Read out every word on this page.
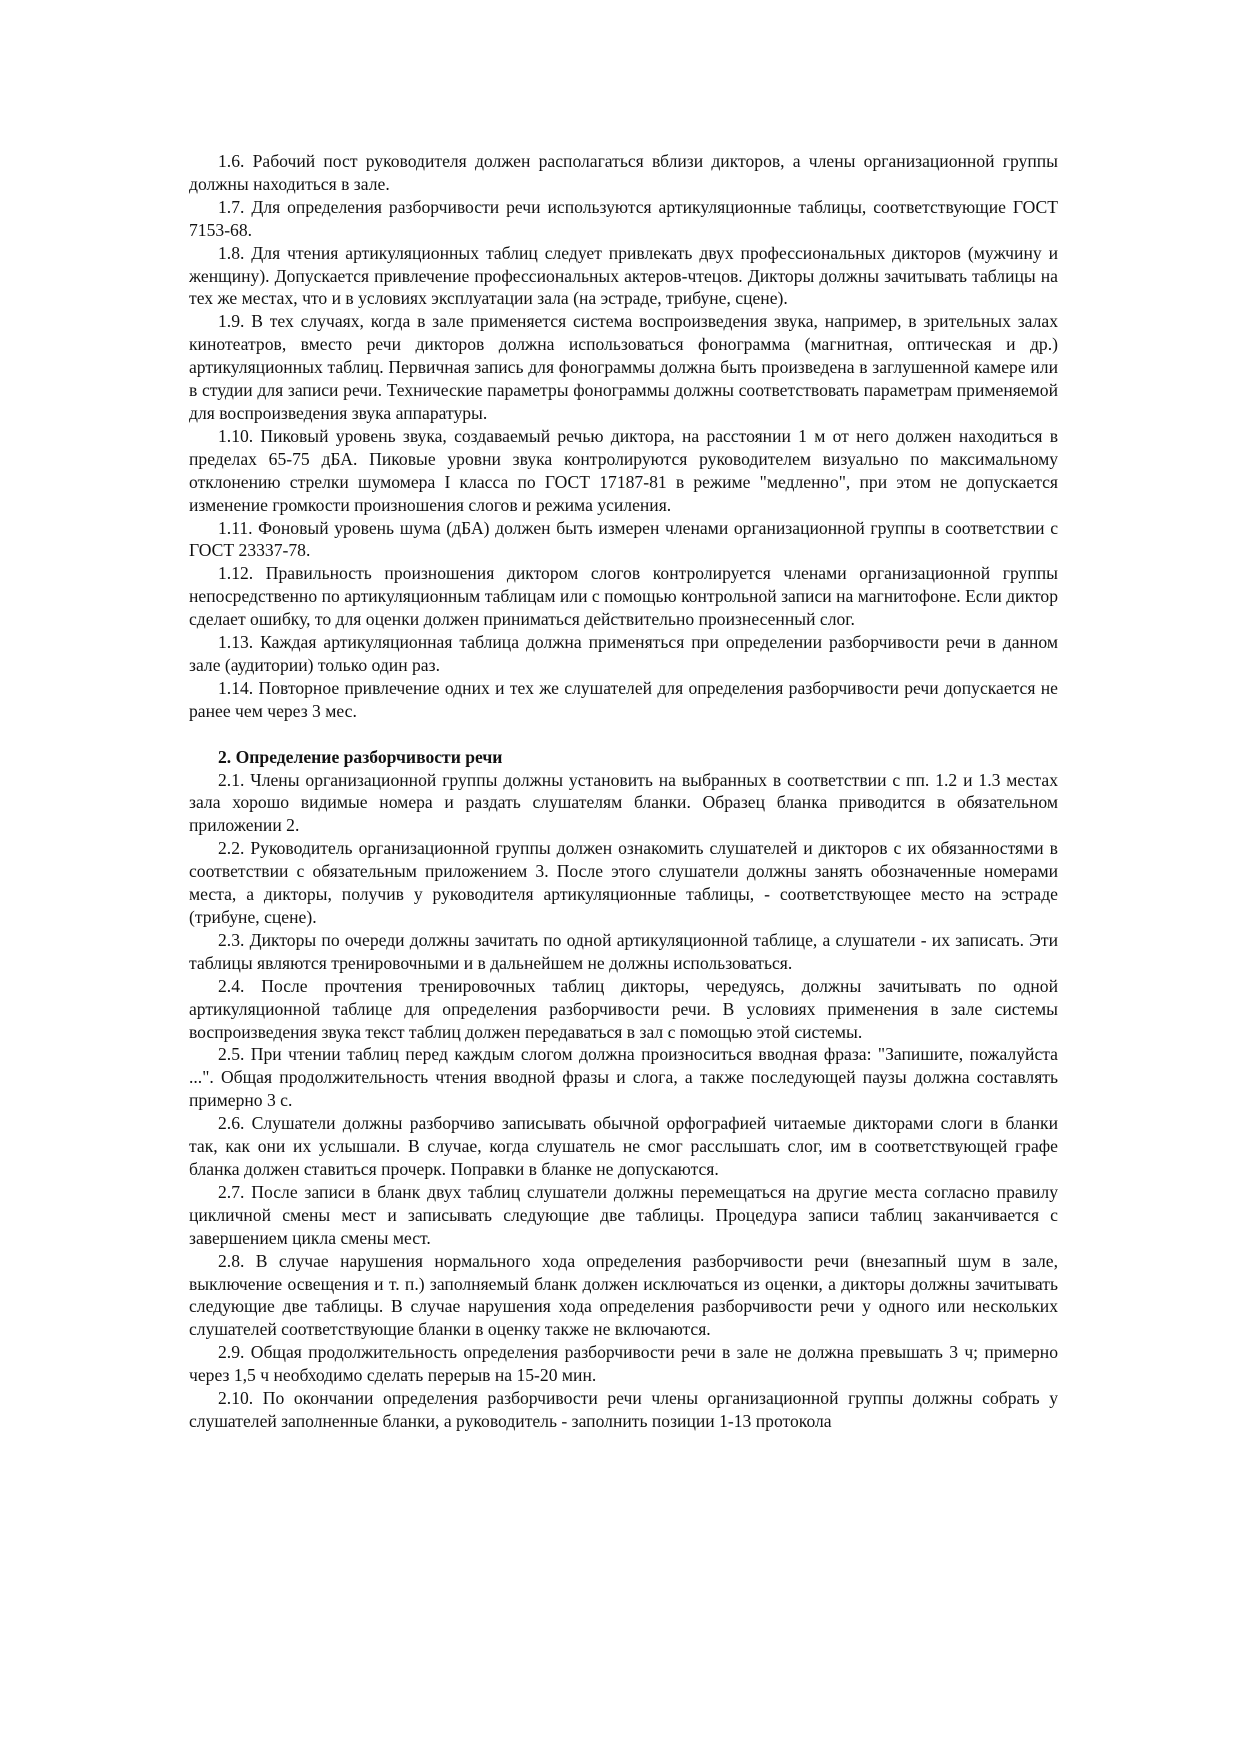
1.6. Рабочий пост руководителя должен располагаться вблизи дикторов, а члены организационной группы должны находиться в зале.

1.7. Для определения разборчивости речи используются артикуляционные таблицы, соответствующие ГОСТ 7153-68.

1.8. Для чтения артикуляционных таблиц следует привлекать двух профессиональных дикторов (мужчину и женщину). Допускается привлечение профессиональных актеров-чтецов. Дикторы должны зачитывать таблицы на тех же местах, что и в условиях эксплуатации зала (на эстраде, трибуне, сцене).

1.9. В тех случаях, когда в зале применяется система воспроизведения звука, например, в зрительных залах кинотеатров, вместо речи дикторов должна использоваться фонограмма (магнитная, оптическая и др.) артикуляционных таблиц. Первичная запись для фонограммы должна быть произведена в заглушенной камере или в студии для записи речи. Технические параметры фонограммы должны соответствовать параметрам применяемой для воспроизведения звука аппаратуры.

1.10. Пиковый уровень звука, создаваемый речью диктора, на расстоянии 1 м от него должен находиться в пределах 65-75 дБА. Пиковые уровни звука контролируются руководителем визуально по максимальному отклонению стрелки шумомера I класса по ГОСТ 17187-81 в режиме "медленно", при этом не допускается изменение громкости произношения слогов и режима усиления.

1.11. Фоновый уровень шума (дБА) должен быть измерен членами организационной группы в соответствии с ГОСТ 23337-78.

1.12. Правильность произношения диктором слогов контролируется членами организационной группы непосредственно по артикуляционным таблицам или с помощью контрольной записи на магнитофоне. Если диктор сделает ошибку, то для оценки должен приниматься действительно произнесенный слог.

1.13. Каждая артикуляционная таблица должна применяться при определении разборчивости речи в данном зале (аудитории) только один раз.

1.14. Повторное привлечение одних и тех же слушателей для определения разборчивости речи допускается не ранее чем через 3 мес.

2. Определение разборчивости речи

2.1. Члены организационной группы должны установить на выбранных в соответствии с пп. 1.2 и 1.3 местах зала хорошо видимые номера и раздать слушателям бланки. Образец бланка приводится в обязательном приложении 2.

2.2. Руководитель организационной группы должен ознакомить слушателей и дикторов с их обязанностями в соответствии с обязательным приложением 3. После этого слушатели должны занять обозначенные номерами места, а дикторы, получив у руководителя артикуляционные таблицы, - соответствующее место на эстраде (трибуне, сцене).

2.3. Дикторы по очереди должны зачитать по одной артикуляционной таблице, а слушатели - их записать. Эти таблицы являются тренировочными и в дальнейшем не должны использоваться.

2.4. После прочтения тренировочных таблиц дикторы, чередуясь, должны зачитывать по одной артикуляционной таблице для определения разборчивости речи. В условиях применения в зале системы воспроизведения звука текст таблиц должен передаваться в зал с помощью этой системы.

2.5. При чтении таблиц перед каждым слогом должна произноситься вводная фраза: "Запишите, пожалуйста ...". Общая продолжительность чтения вводной фразы и слога, а также последующей паузы должна составлять примерно 3 с.

2.6. Слушатели должны разборчиво записывать обычной орфографией читаемые дикторами слоги в бланки так, как они их услышали. В случае, когда слушатель не смог расслышать слог, им в соответствующей графе бланка должен ставиться прочерк. Поправки в бланке не допускаются.

2.7. После записи в бланк двух таблиц слушатели должны перемещаться на другие места согласно правилу цикличной смены мест и записывать следующие две таблицы. Процедура записи таблиц заканчивается с завершением цикла смены мест.

2.8. В случае нарушения нормального хода определения разборчивости речи (внезапный шум в зале, выключение освещения и т. п.) заполняемый бланк должен исключаться из оценки, а дикторы должны зачитывать следующие две таблицы. В случае нарушения хода определения разборчивости речи у одного или нескольких слушателей соответствующие бланки в оценку также не включаются.

2.9. Общая продолжительность определения разборчивости речи в зале не должна превышать 3 ч; примерно через 1,5 ч необходимо сделать перерыв на 15-20 мин.

2.10. По окончании определения разборчивости речи члены организационной группы должны собрать у слушателей заполненные бланки, а руководитель - заполнить позиции 1-13 протокола
